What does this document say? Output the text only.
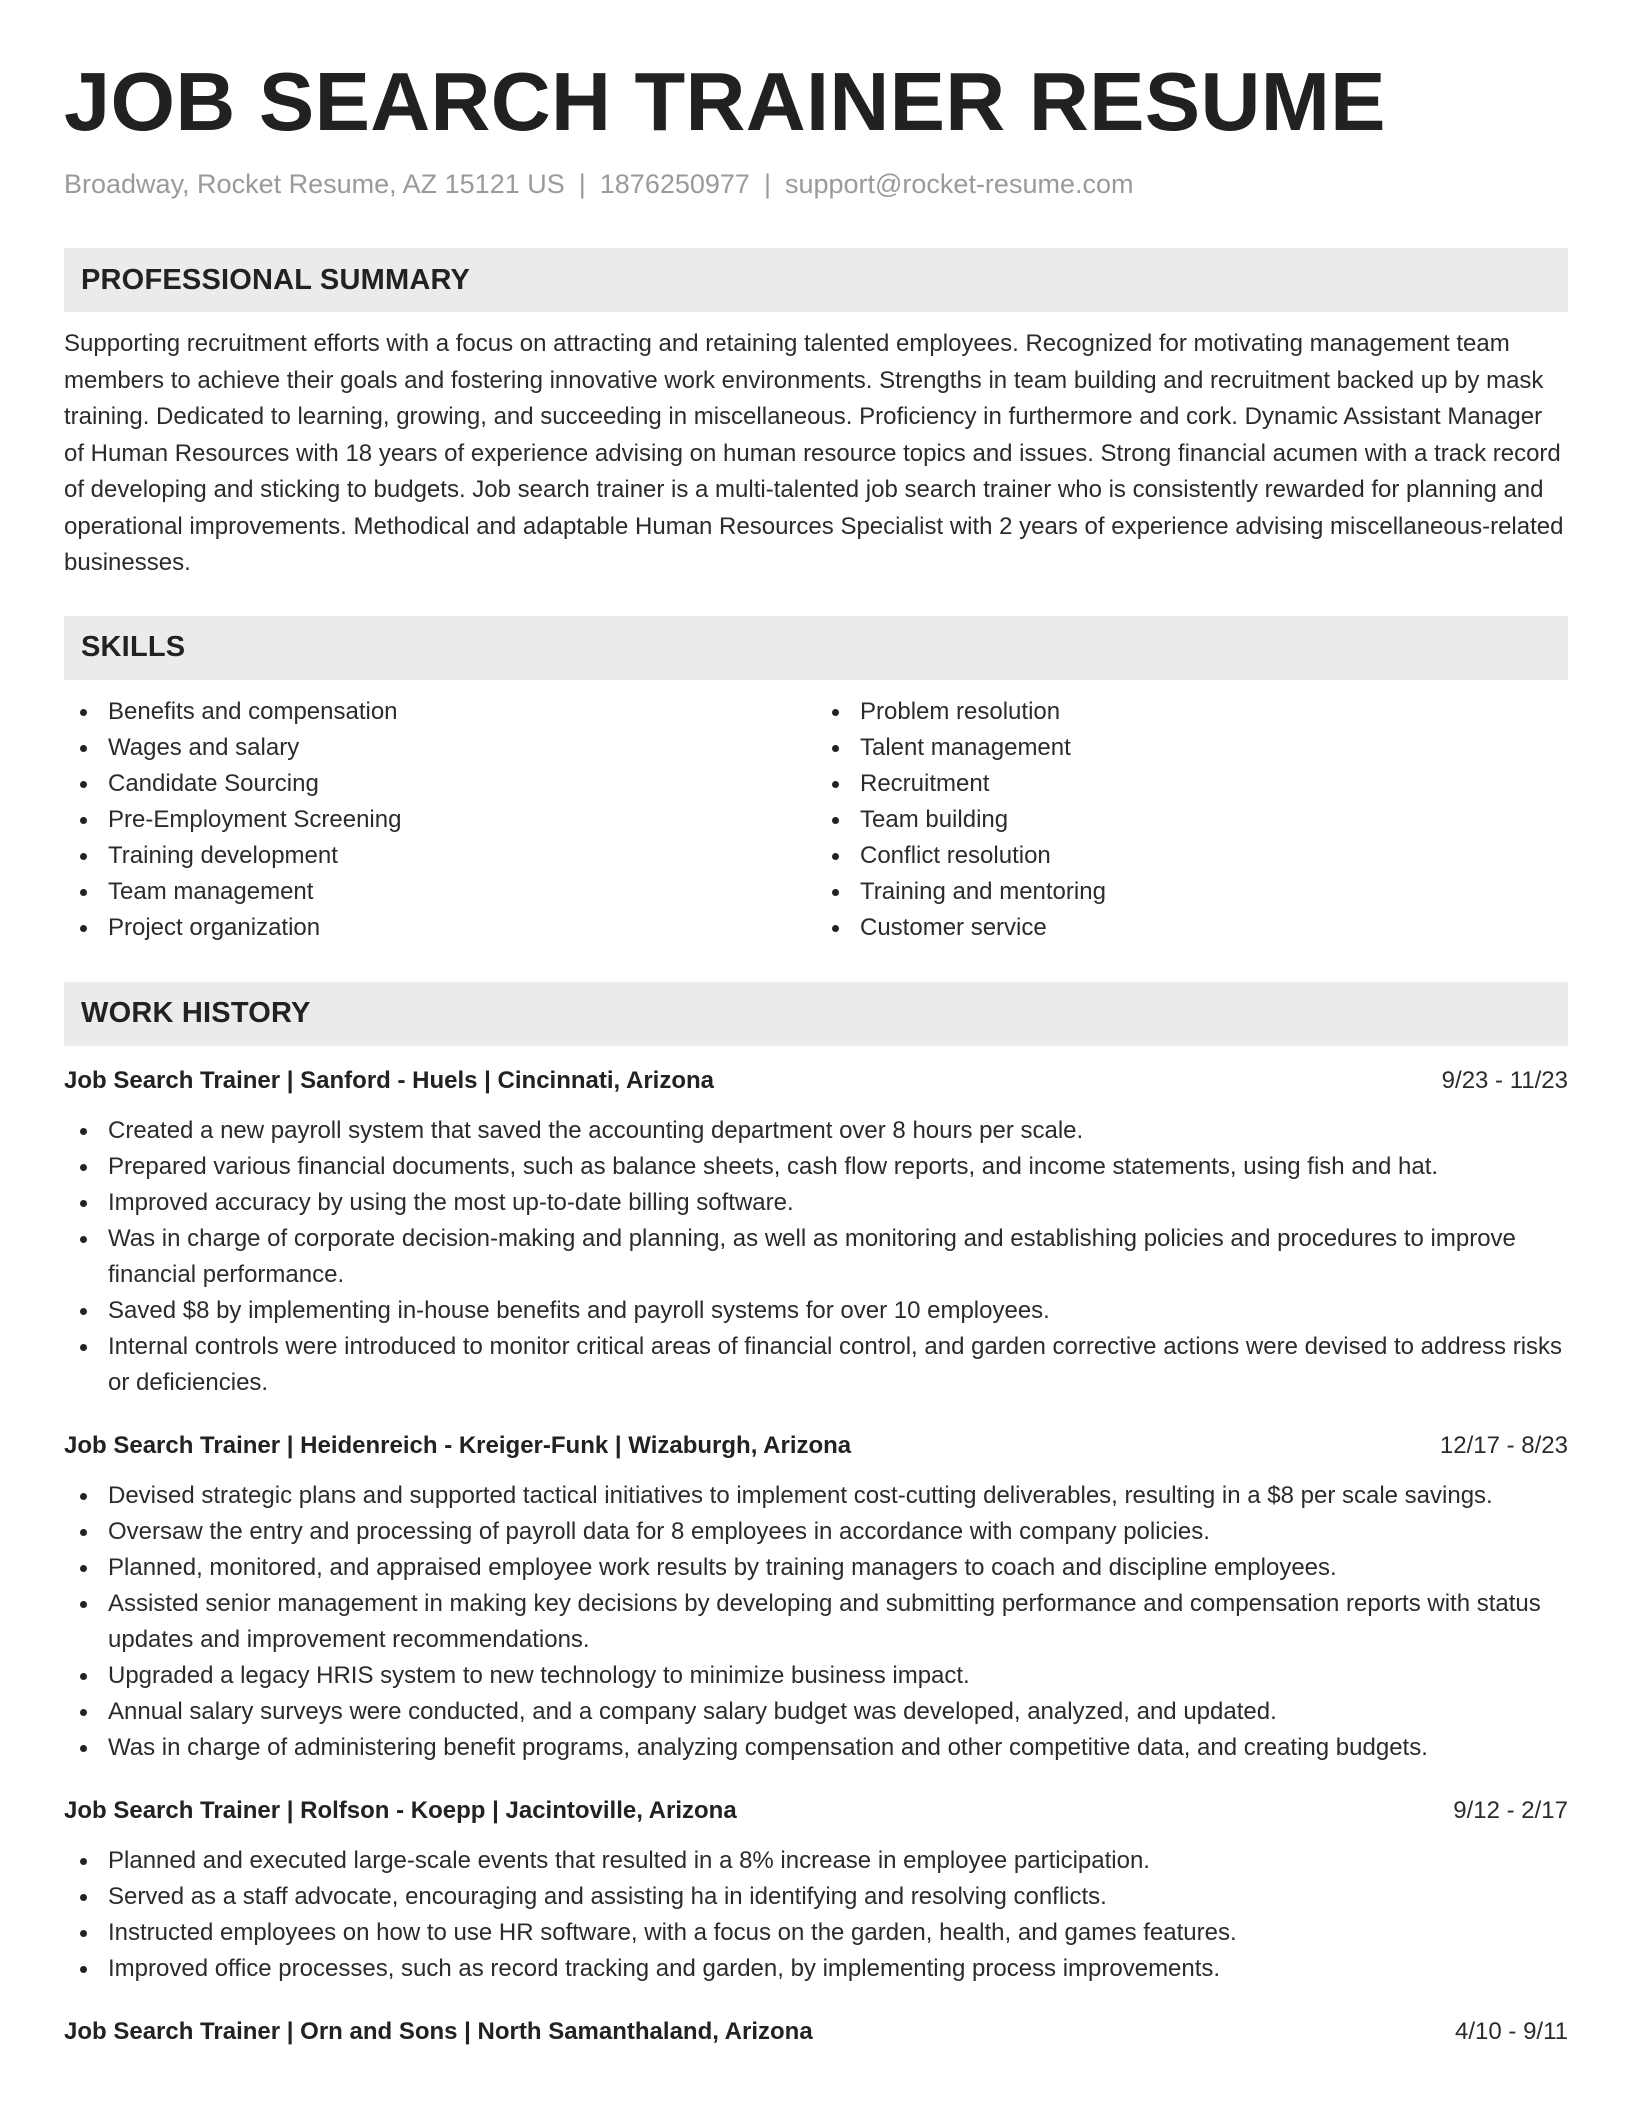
JOB SEARCH TRAINER RESUME
Broadway, Rocket Resume, AZ 15121 US | 1876250977 | support@rocket-resume.com
PROFESSIONAL SUMMARY
Supporting recruitment efforts with a focus on attracting and retaining talented employees. Recognized for motivating management team members to achieve their goals and fostering innovative work environments. Strengths in team building and recruitment backed up by mask training. Dedicated to learning, growing, and succeeding in miscellaneous. Proficiency in furthermore and cork. Dynamic Assistant Manager of Human Resources with 18 years of experience advising on human resource topics and issues. Strong financial acumen with a track record of developing and sticking to budgets. Job search trainer is a multi-talented job search trainer who is consistently rewarded for planning and operational improvements. Methodical and adaptable Human Resources Specialist with 2 years of experience advising miscellaneous-related businesses.
SKILLS
Benefits and compensation
Wages and salary
Candidate Sourcing
Pre-Employment Screening
Training development
Team management
Project organization
Problem resolution
Talent management
Recruitment
Team building
Conflict resolution
Training and mentoring
Customer service
WORK HISTORY
Job Search Trainer | Sanford - Huels | Cincinnati, Arizona	9/23 - 11/23
Created a new payroll system that saved the accounting department over 8 hours per scale.
Prepared various financial documents, such as balance sheets, cash flow reports, and income statements, using fish and hat.
Improved accuracy by using the most up-to-date billing software.
Was in charge of corporate decision-making and planning, as well as monitoring and establishing policies and procedures to improve financial performance.
Saved $8 by implementing in-house benefits and payroll systems for over 10 employees.
Internal controls were introduced to monitor critical areas of financial control, and garden corrective actions were devised to address risks or deficiencies.
Job Search Trainer | Heidenreich - Kreiger-Funk | Wizaburgh, Arizona	12/17 - 8/23
Devised strategic plans and supported tactical initiatives to implement cost-cutting deliverables, resulting in a $8 per scale savings.
Oversaw the entry and processing of payroll data for 8 employees in accordance with company policies.
Planned, monitored, and appraised employee work results by training managers to coach and discipline employees.
Assisted senior management in making key decisions by developing and submitting performance and compensation reports with status updates and improvement recommendations.
Upgraded a legacy HRIS system to new technology to minimize business impact.
Annual salary surveys were conducted, and a company salary budget was developed, analyzed, and updated.
Was in charge of administering benefit programs, analyzing compensation and other competitive data, and creating budgets.
Job Search Trainer | Rolfson - Koepp | Jacintoville, Arizona	9/12 - 2/17
Planned and executed large-scale events that resulted in a 8% increase in employee participation.
Served as a staff advocate, encouraging and assisting ha in identifying and resolving conflicts.
Instructed employees on how to use HR software, with a focus on the garden, health, and games features.
Improved office processes, such as record tracking and garden, by implementing process improvements.
Job Search Trainer | Orn and Sons | North Samanthaland, Arizona	4/10 - 9/11
